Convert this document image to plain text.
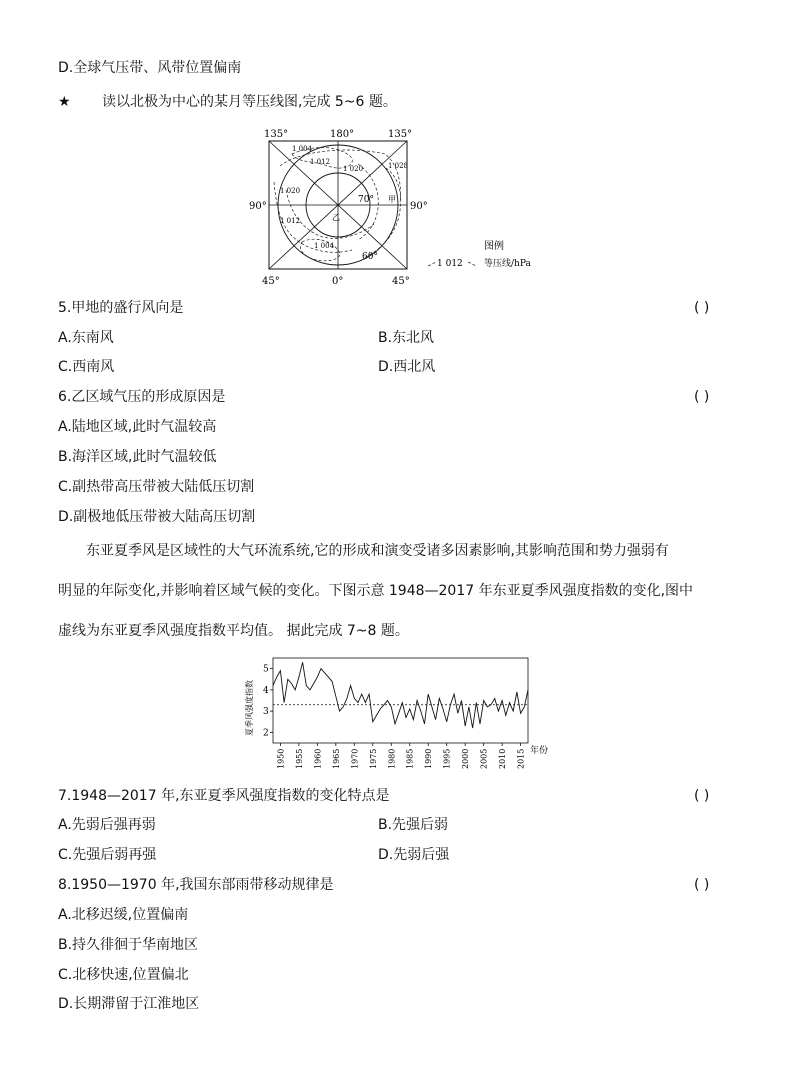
D.全球气压带、风带位置偏南
★ 读以北极为中心的某月等压线图,完成 5~6 题。
135°	180°	135°
90°	90°
45°	0°	45°
1 004
1 012
1 020	1 028
1 020
1 012
1 004
70°
60°
甲
乙
图例
1 012 等压线/hPa
5.甲地的盛行风向是	( )
A.东南风	B.东北风
C.西南风	D.西北风
6.乙区域气压的形成原因是	( )
A.陆地区域,此时气温较高
B.海洋区域,此时气温较低
C.副热带高压带被大陆低压切割
D.副极地低压带被大陆高压切割
东亚夏季风是区域性的大气环流系统,它的形成和演变受诸多因素影响,其影响范围和势力强弱有
明显的年际变化,并影响着区域气候的变化。下图示意 1948—2017 年东亚夏季风强度指数的变化,图中
虚线为东亚夏季风强度指数平均值。 据此完成 7~8 题。
2
3
4
5
1950 1955 1960 1965 1970 1975 1980 1985 1990 1995 2000 2005 2010 2015
夏季风强度指数
年份
7.1948—2017 年,东亚夏季风强度指数的变化特点是	( )
A.先弱后强再弱	B.先强后弱
C.先强后弱再强	D.先弱后强
8.1950—1970 年,我国东部雨带移动规律是	( )
A.北移迟缓,位置偏南
B.持久徘徊于华南地区
C.北移快速,位置偏北
D.长期滞留于江淮地区
